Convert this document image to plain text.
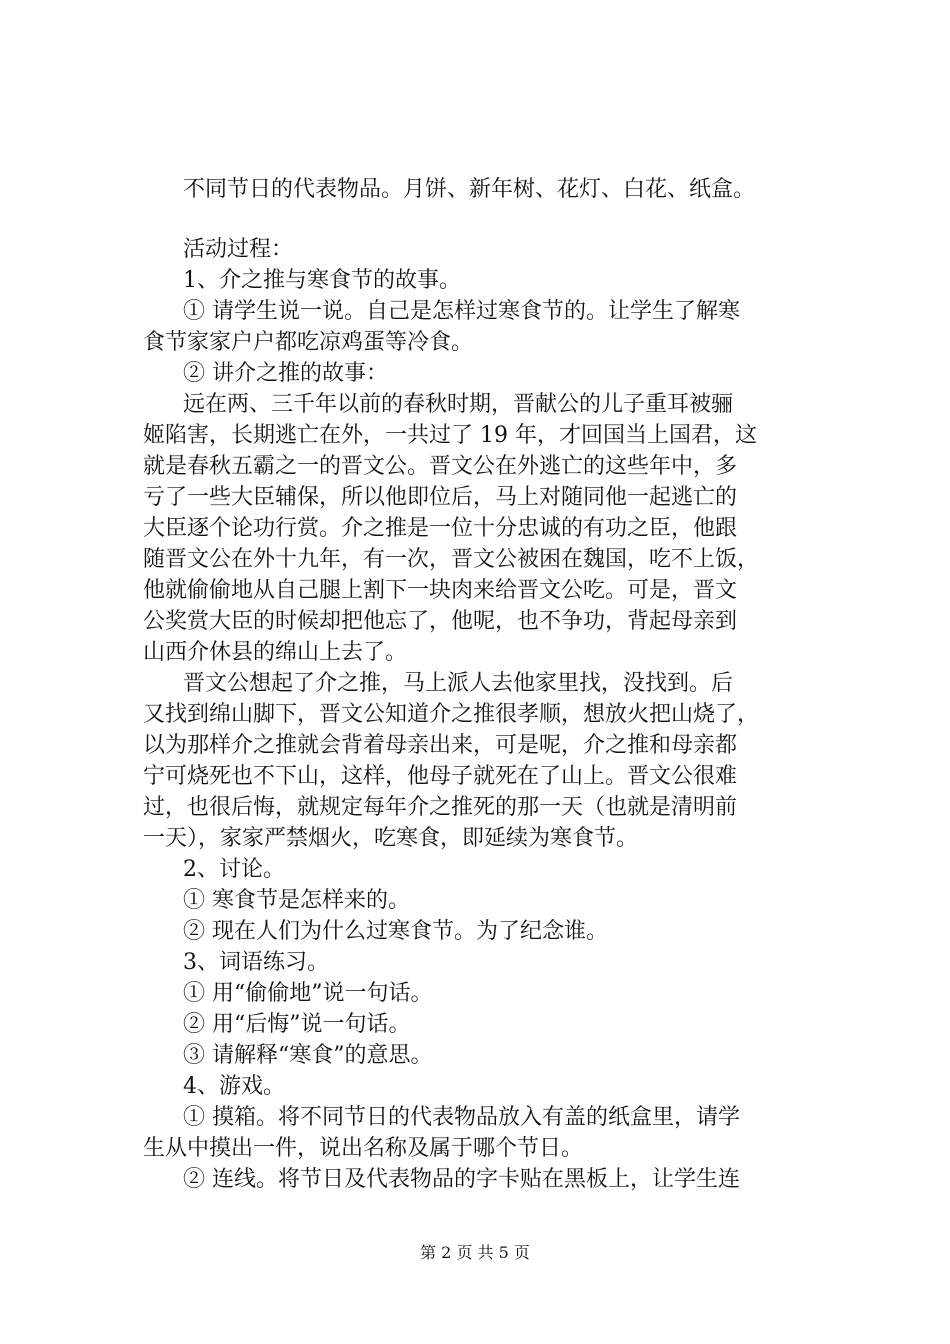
不同节日的代表物品。月饼、新年树、花灯、白花、纸盒。
活动过程：
1、介之推与寒食节的故事。
① 请学生说一说。自己是怎样过寒食节的。让学生了解寒
食节家家户户都吃凉鸡蛋等冷食。
② 讲介之推的故事：
远在两、三千年以前的春秋时期，晋献公的儿子重耳被骊
姬陷害，长期逃亡在外，一共过了 19 年，才回国当上国君，这
就是春秋五霸之一的晋文公。晋文公在外逃亡的这些年中，多
亏了一些大臣辅保，所以他即位后，马上对随同他一起逃亡的
大臣逐个论功行赏。介之推是一位十分忠诚的有功之臣，他跟
随晋文公在外十九年，有一次，晋文公被困在魏国，吃不上饭，
他就偷偷地从自己腿上割下一块肉来给晋文公吃。可是，晋文
公奖赏大臣的时候却把他忘了，他呢，也不争功，背起母亲到
山西介休县的绵山上去了。
晋文公想起了介之推，马上派人去他家里找，没找到。后
又找到绵山脚下，晋文公知道介之推很孝顺，想放火把山烧了，
以为那样介之推就会背着母亲出来，可是呢，介之推和母亲都
宁可烧死也不下山，这样，他母子就死在了山上。晋文公很难
过，也很后悔，就规定每年介之推死的那一天（也就是清明前
一天），家家严禁烟火，吃寒食，即延续为寒食节。
2、讨论。
① 寒食节是怎样来的。
② 现在人们为什么过寒食节。为了纪念谁。
3、词语练习。
① 用“偷偷地”说一句话。
② 用“后悔”说一句话。
③ 请解释“寒食”的意思。
4、游戏。
① 摸箱。将不同节日的代表物品放入有盖的纸盒里，请学
生从中摸出一件，说出名称及属于哪个节日。
② 连线。将节日及代表物品的字卡贴在黑板上，让学生连
第 2 页 共 5 页
